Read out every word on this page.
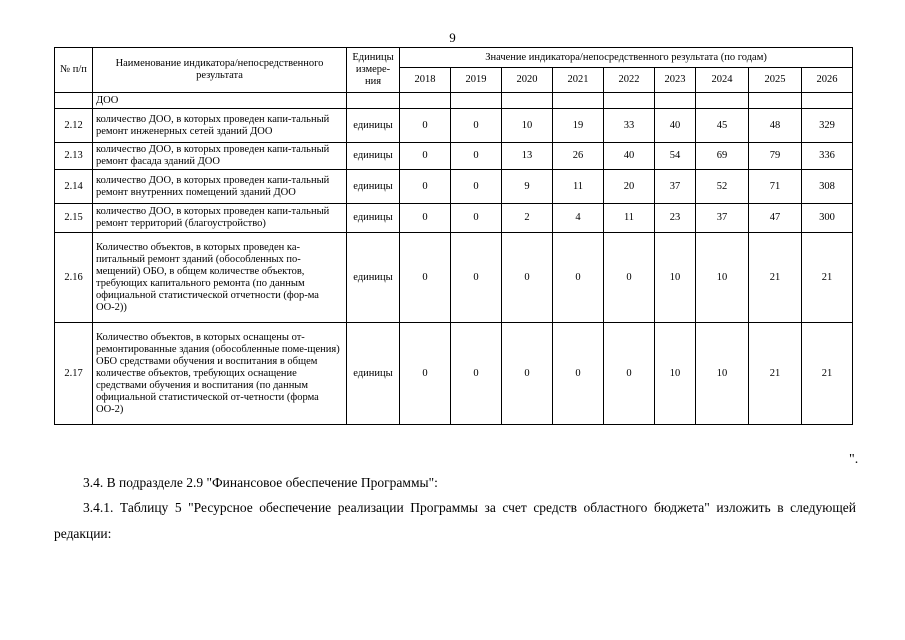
9
№ п/п	Наименование индикатора/непосредственного результата	Единицы измере-ния	Значение индикатора/непосредственного результата (по годам)								
			2018	2019	2020	2021	2022	2023	2024	2025	2026
	ДОО										
2.12	количество ДОО, в которых проведен капи-тальный ремонт инженерных сетей зданий ДОО	единицы	0	0	10	19	33	40	45	48	329
2.13	количество ДОО, в которых проведен капи-тальный ремонт фасада зданий ДОО	единицы	0	0	13	26	40	54	69	79	336
2.14	количество ДОО, в которых проведен капи-тальный ремонт внутренних помещений зданий ДОО	единицы	0	0	9	11	20	37	52	71	308
2.15	количество ДОО, в которых проведен капи-тальный ремонт территорий (благоустройство)	единицы	0	0	2	4	11	23	37	47	300
2.16	Количество объектов, в которых проведен ка-питальный ремонт зданий (обособленных по-мещений) ОБО, в общем количестве объектов, требующих капитального ремонта (по данным официальной статистической отчетности (фор-ма ОО-2))	единицы	0	0	0	0	0	10	10	21	21
2.17	Количество объектов, в которых оснащены от-ремонтированные здания (обособленные поме-щения) ОБО средствами обучения и воспитания в общем количестве объектов, требующих оснащение средствами обучения и воспитания (по данным официальной статистической от-четности (форма ОО-2)	единицы	0	0	0	0	0	10	10	21	21
".
3.4. В подразделе 2.9 "Финансовое обеспечение Программы":
3.4.1. Таблицу 5 "Ресурсное обеспечение реализации Программы за счет средств областного бюджета" изложить в следующей редакции:
